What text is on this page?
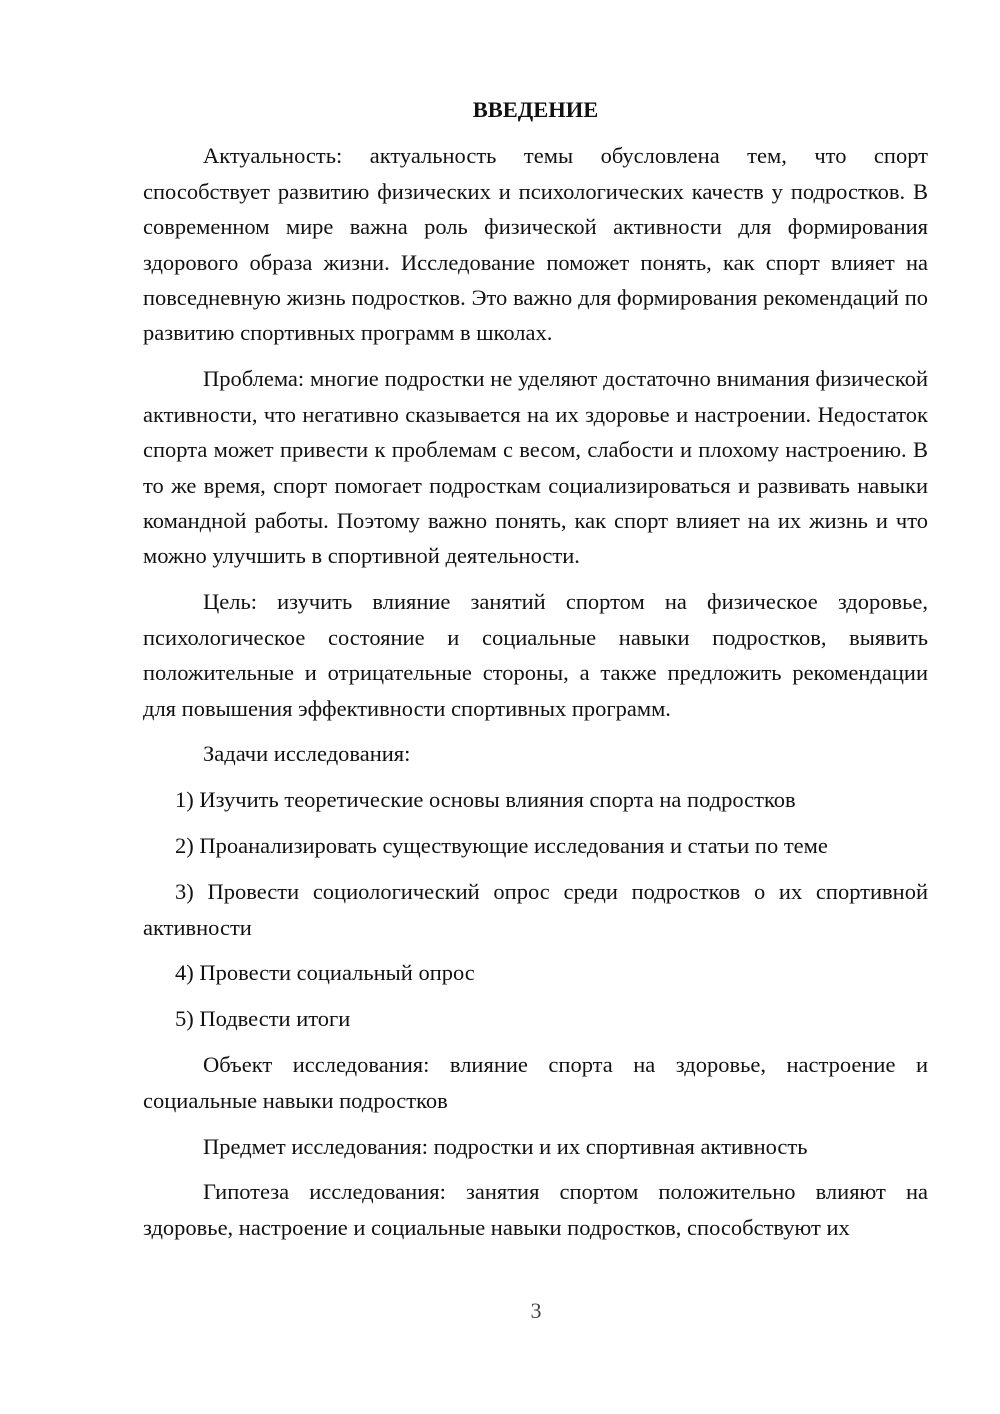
ВВЕДЕНИЕ

Актуальность: актуальность темы обусловлена тем, что спорт способствует развитию физических и психологических качеств у подростков. В современном мире важна роль физической активности для формирования здорового образа жизни. Исследование поможет понять, как спорт влияет на повседневную жизнь подростков. Это важно для формирования рекомендаций по развитию спортивных программ в школах.

Проблема: многие подростки не уделяют достаточно внимания физической активности, что негативно сказывается на их здоровье и настроении. Недостаток спорта может привести к проблемам с весом, слабости и плохому настроению. В то же время, спорт помогает подросткам социализироваться и развивать навыки командной работы. Поэтому важно понять, как спорт влияет на их жизнь и что можно улучшить в спортивной деятельности.

Цель: изучить влияние занятий спортом на физическое здоровье, психологическое состояние и социальные навыки подростков, выявить положительные и отрицательные стороны, а также предложить рекомендации для повышения эффективности спортивных программ.

Задачи исследования:

1) Изучить теоретические основы влияния спорта на подростков

2) Проанализировать существующие исследования и статьи по теме

3) Провести социологический опрос среди подростков о их спортивной активности

4) Провести социальный опрос

5) Подвести итоги

Объект исследования: влияние спорта на здоровье, настроение и социальные навыки подростков

Предмет исследования: подростки и их спортивная активность

Гипотеза исследования: занятия спортом положительно влияют на здоровье, настроение и социальные навыки подростков, способствуют их

3
